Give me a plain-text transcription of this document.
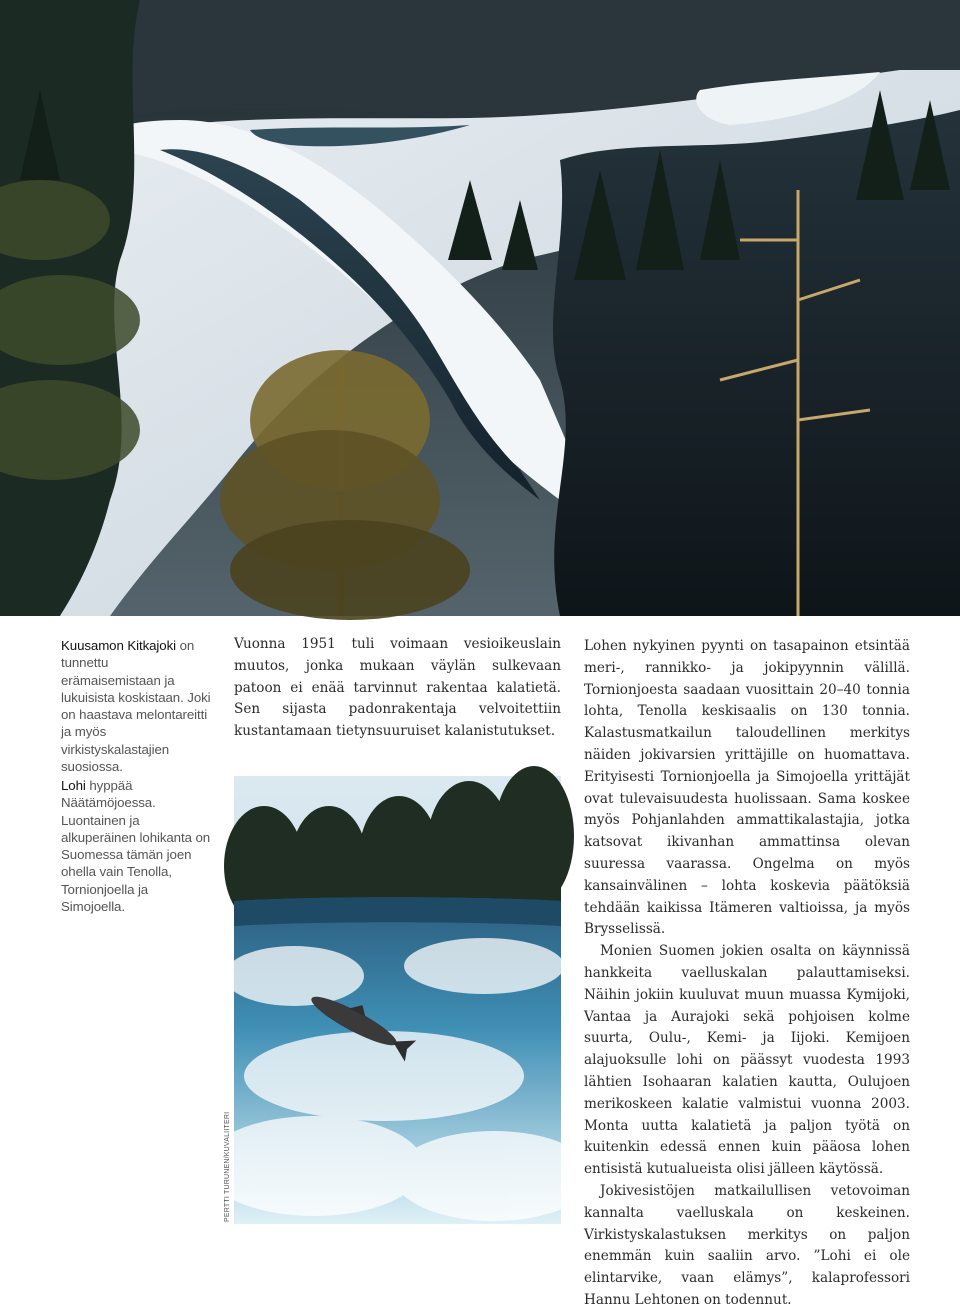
Kuusamon Kitkajoki on tunnettu erämaisemistaan ja lukuisista koskistaan. Joki on haastava melontareitti ja myös virkistyskalastajien suosiossa.
Lohi hyppää Näätämöjoessa. Luontainen ja alkuperäinen lohikanta on Suomessa tämän joen ohella vain Tenolla, Tornionjoella ja Simojoella.

Vuonna 1951 tuli voimaan vesioikeuslain muutos, jonka mukaan väylän sulkevaan patoon ei enää tarvinnut rakentaa kalatietä. Sen sijasta padonrakentaja velvoitettiin kustantamaan tietynsuuruiset kalanistutukset.

PERTTI TURUNEN/KUVALIITERI

Lohen nykyinen pyynti on tasapainon etsintää meri-, rannikko- ja jokipyynnin välillä. Tornionjoesta saadaan vuosittain 20–40 tonnia lohta, Tenolla keskisaalis on 130 tonnia. Kalastusmatkailun taloudellinen merkitys näiden jokivarsien yrittäjille on huomattava. Erityisesti Tornionjoella ja Simojoella yrittäjät ovat tulevaisuudesta huolissaan. Sama koskee myös Pohjanlahden ammattikalastajia, jotka katsovat ikivanhan ammattinsa olevan suuressa vaarassa. Ongelma on myös kansainvälinen – lohta koskevia päätöksiä tehdään kaikissa Itämeren valtioissa, ja myös Brysselissä.

Monien Suomen jokien osalta on käynnissä hankkeita vaelluskalan palauttamiseksi. Näihin jokiin kuuluvat muun muassa Kymijoki, Vantaa ja Aurajoki sekä pohjoisen kolme suurta, Oulu-, Kemi- ja Iijoki. Kemijoen alajuoksulle lohi on päässyt vuodesta 1993 lähtien Isohaaran kalatien kautta, Oulujoen merikoskeen kalatie valmistui vuonna 2003. Monta uutta kalatietä ja paljon työtä on kuitenkin edessä ennen kuin pääosa lohen entisistä kutualueista olisi jälleen käytössä.

Jokivesistöjen matkailullisen vetovoiman kannalta vaelluskala on keskeinen. Virkistyskalastuksen merkitys on paljon enemmän kuin saaliin arvo. ”Lohi ei ole elintarvike, vaan elämys”, kalaprofessori Hannu Lehtonen on todennut.
